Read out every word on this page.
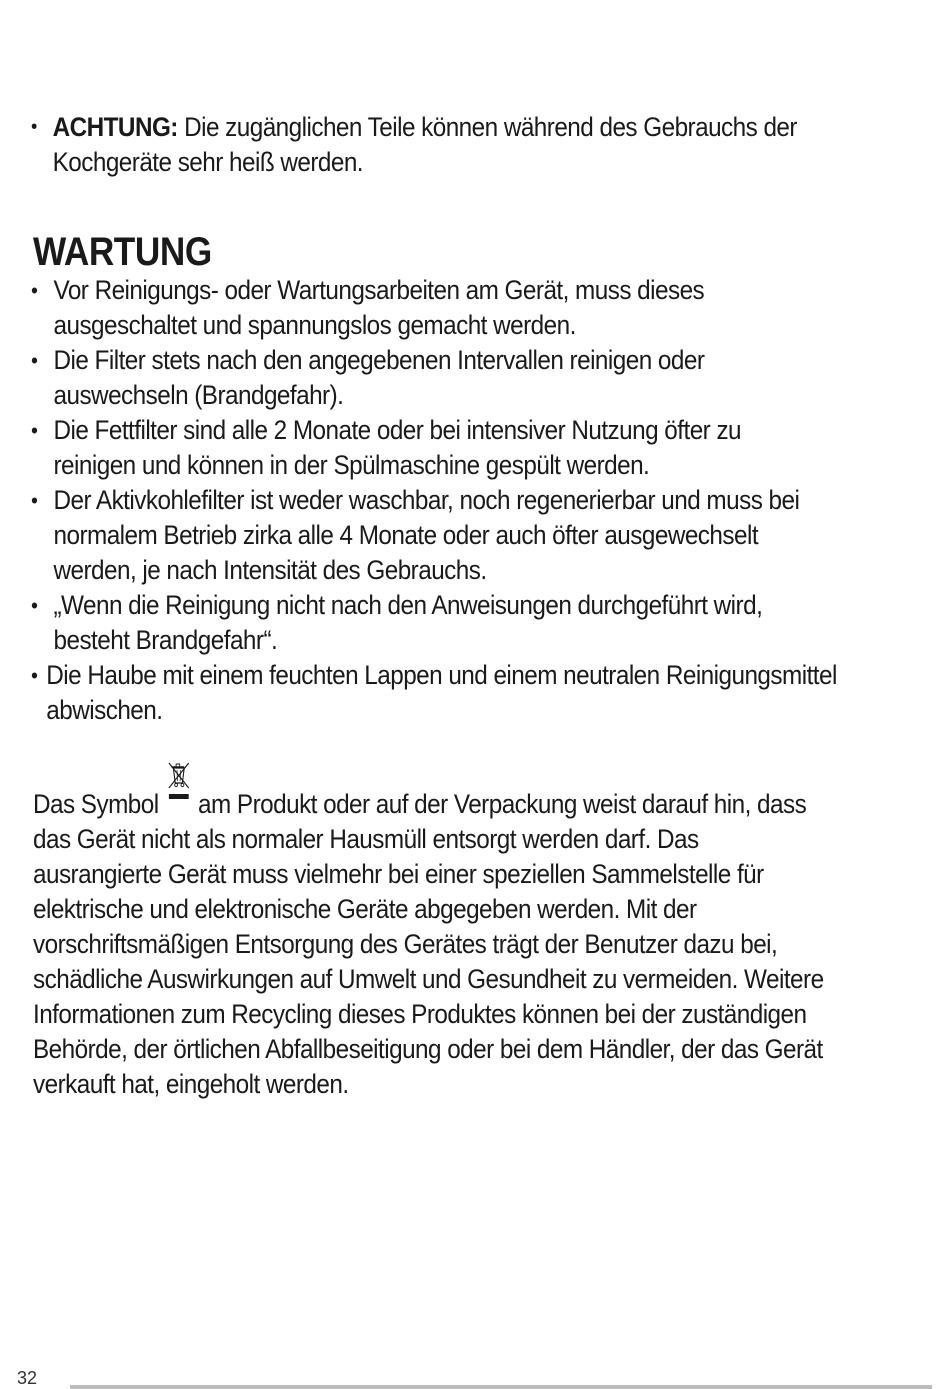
• ACHTUNG: Die zugänglichen Teile können während des Gebrauchs der
Kochgeräte sehr heiß werden.
WARTUNG
• Vor Reinigungs- oder Wartungsarbeiten am Gerät, muss dieses
ausgeschaltet und spannungslos gemacht werden.
• Die Filter stets nach den angegebenen Intervallen reinigen oder
auswechseln (Brandgefahr).
• Die Fettfilter sind alle 2 Monate oder bei intensiver Nutzung öfter zu
reinigen und können in der Spülmaschine gespült werden.
• Der Aktivkohlefilter ist weder waschbar, noch regenerierbar und muss bei
normalem Betrieb zirka alle 4 Monate oder auch öfter ausgewechselt
werden, je nach Intensität des Gebrauchs.
• „Wenn die Reinigung nicht nach den Anweisungen durchgeführt wird,
besteht Brandgefahr“.
• Die Haube mit einem feuchten Lappen und einem neutralen Reinigungsmittel
abwischen.

Das Symbol
am Produkt oder auf der Verpackung weist darauf hin, dass
das Gerät nicht als normaler Hausmüll entsorgt werden darf. Das
ausrangierte Gerät muss vielmehr bei einer speziellen Sammelstelle für
elektrische und elektronische Geräte abgegeben werden. Mit der
vorschriftsmäßigen Entsorgung des Gerätes trägt der Benutzer dazu bei,
schädliche Auswirkungen auf Umwelt und Gesundheit zu vermeiden. Weitere
Informationen zum Recycling dieses Produktes können bei der zuständigen
Behörde, der örtlichen Abfallbeseitigung oder bei dem Händler, der das Gerät
verkauft hat, eingeholt werden.

32
